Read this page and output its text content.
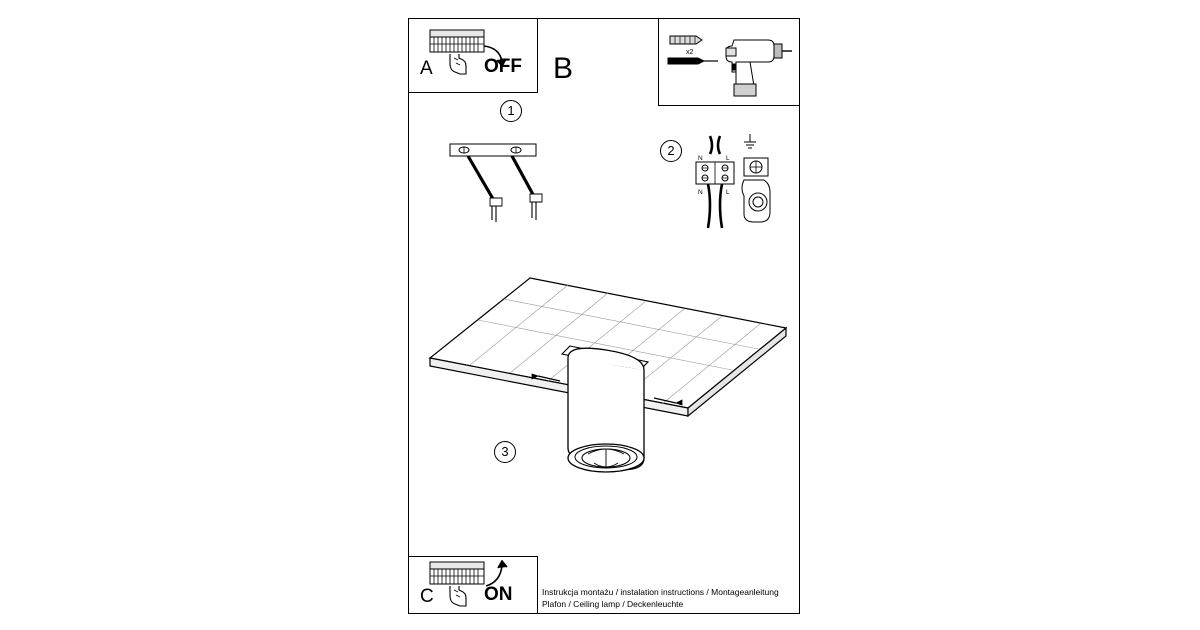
A	OFF B	x2
1
N	L
N	L
2
3
C	ON	Instrukcja montażu / instalation instructions / Montageanleitung
Plafon / Ceiling lamp / Deckenleuchte
